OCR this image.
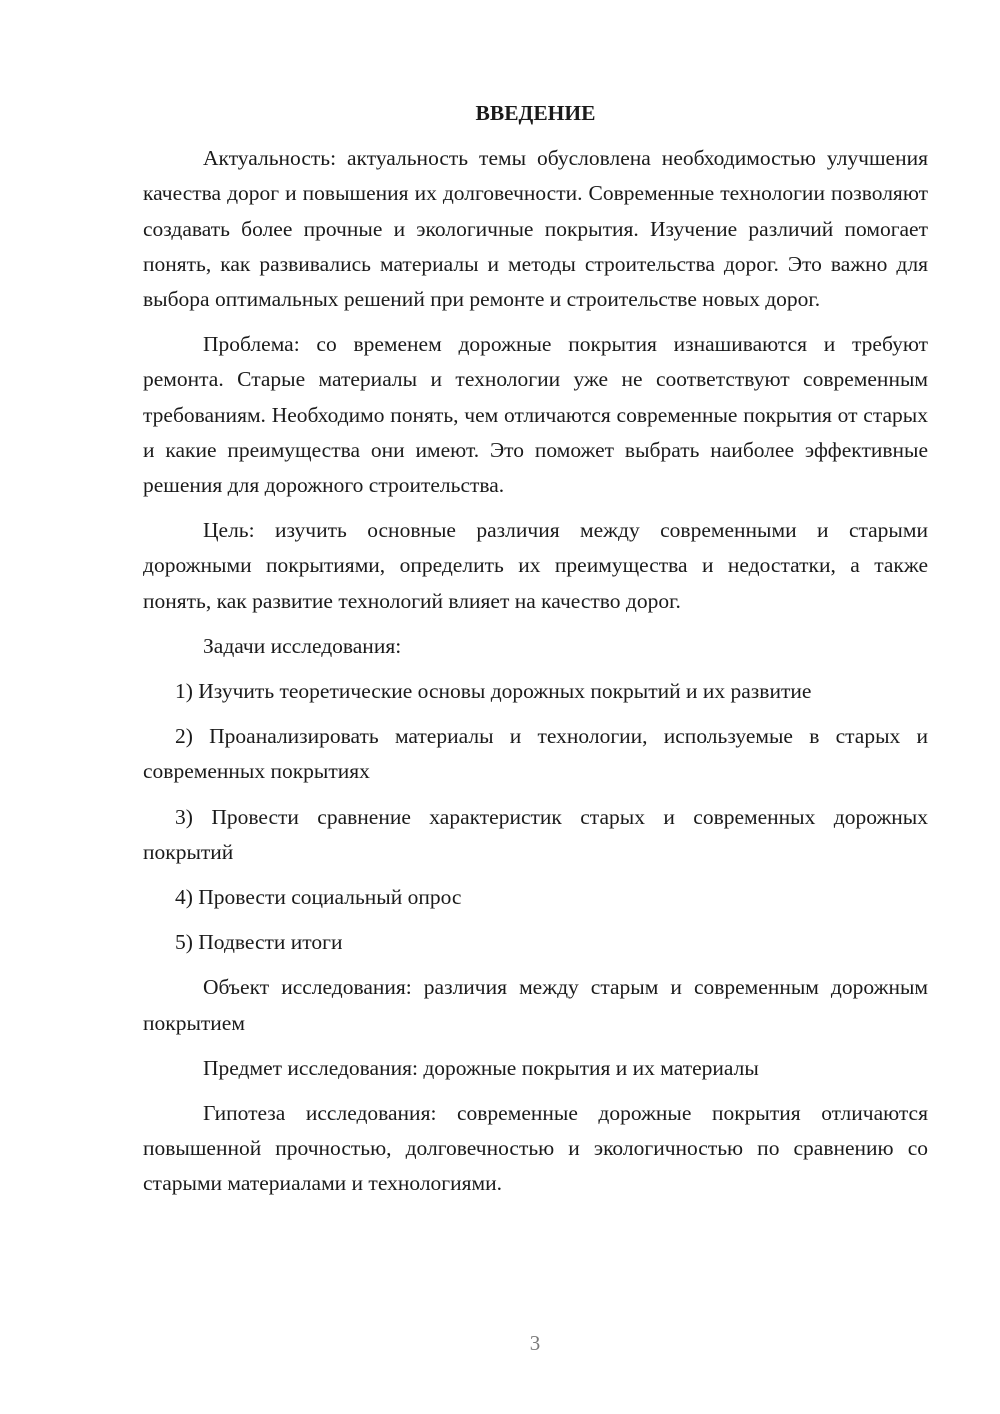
ВВЕДЕНИЕ

Актуальность: актуальность темы обусловлена необходимостью улучшения качества дорог и повышения их долговечности. Современные технологии позволяют создавать более прочные и экологичные покрытия. Изучение различий помогает понять, как развивались материалы и методы строительства дорог. Это важно для выбора оптимальных решений при ремонте и строительстве новых дорог.

Проблема: со временем дорожные покрытия изнашиваются и требуют ремонта. Старые материалы и технологии уже не соответствуют современным требованиям. Необходимо понять, чем отличаются современные покрытия от старых и какие преимущества они имеют. Это поможет выбрать наиболее эффективные решения для дорожного строительства.

Цель: изучить основные различия между современными и старыми дорожными покрытиями, определить их преимущества и недостатки, а также понять, как развитие технологий влияет на качество дорог.

Задачи исследования:

1) Изучить теоретические основы дорожных покрытий и их развитие

2) Проанализировать материалы и технологии, используемые в старых и современных покрытиях

3) Провести сравнение характеристик старых и современных дорожных покрытий

4) Провести социальный опрос

5) Подвести итоги

Объект исследования: различия между старым и современным дорожным покрытием

Предмет исследования: дорожные покрытия и их материалы

Гипотеза исследования: современные дорожные покрытия отличаются повышенной прочностью, долговечностью и экологичностью по сравнению со старыми материалами и технологиями.

3
